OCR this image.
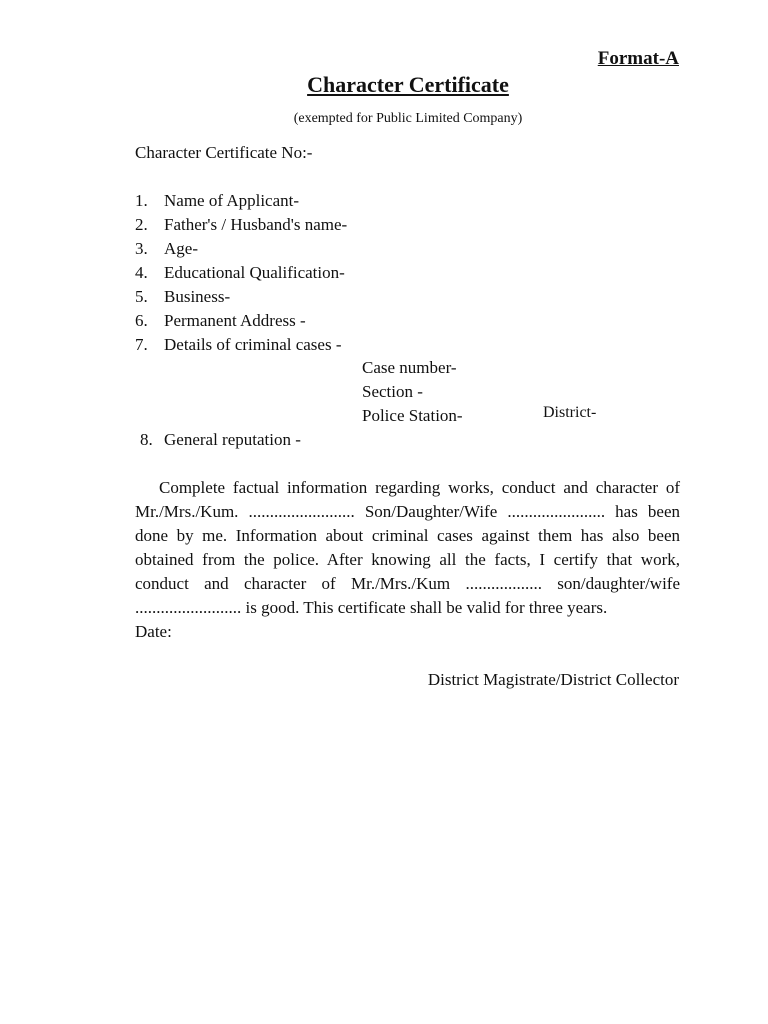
Format-A
Character Certificate
(exempted for Public Limited Company)
Character Certificate No:-
1. Name of Applicant-
2. Father's / Husband's name-
3. Age-
4. Educational Qualification-
5. Business-
6. Permanent Address -
7. Details of criminal cases -
Case number-
Section -
Police Station-	District-
8. General reputation -

Complete factual information regarding works, conduct and character of Mr./Mrs./Kum. ......................... Son/Daughter/Wife ....................... has been done by me. Information about criminal cases against them has also been obtained from the police. After knowing all the facts, I certify that work, conduct and character of Mr./Mrs./Kum .................. son/daughter/wife ......................... is good. This certificate shall be valid for three years.

Date:
District Magistrate/District Collector
